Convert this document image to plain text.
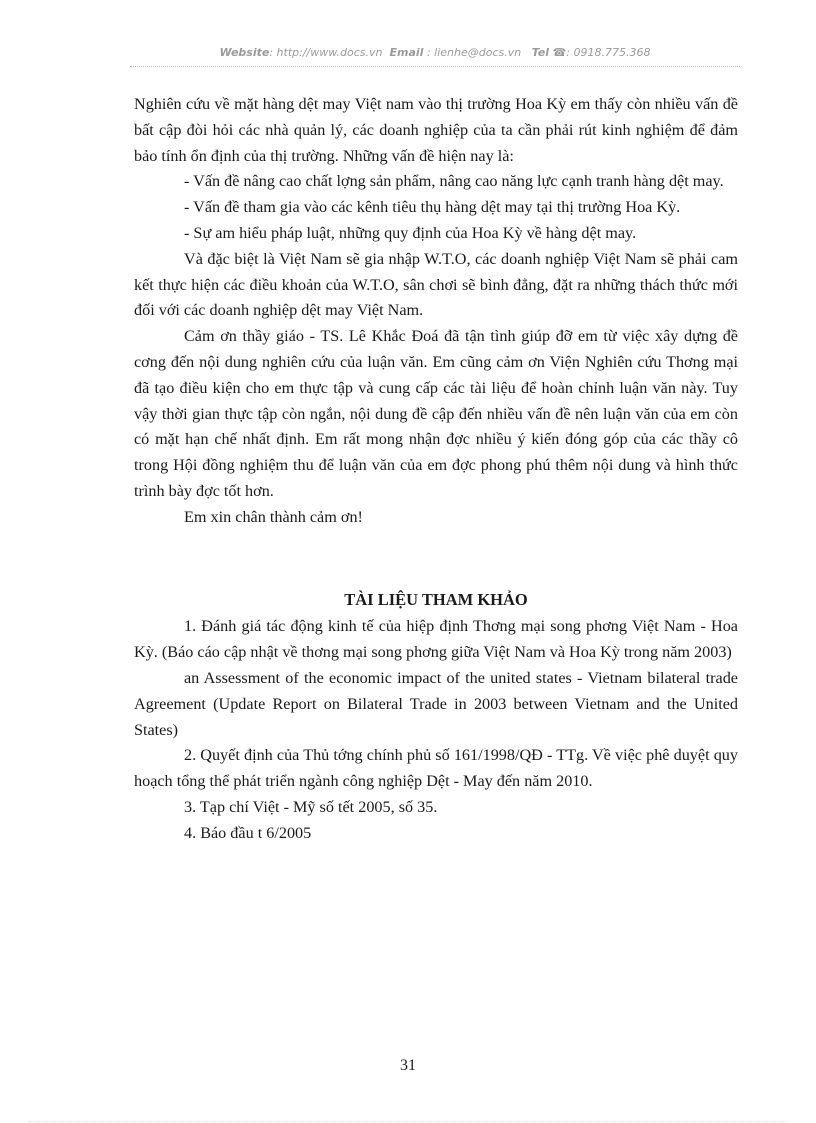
Website: http://www.docs.vn Email : lienhe@docs.vn Tel ☎: 0918.775.368

Nghiên cứu về mặt hàng dệt may Việt nam vào thị trường Hoa Kỳ em thấy còn nhiều vấn đề bất cập đòi hỏi các nhà quản lý, các doanh nghiệp của ta cần phải rút kinh nghiệm để đảm bảo tính ổn định của thị trường. Những vấn đề hiện nay là:

- Vấn đề nâng cao chất lợng sản phẩm, nâng cao năng lực cạnh tranh hàng dệt may.

- Vấn đề tham gia vào các kênh tiêu thụ hàng dệt may tại thị trường Hoa Kỳ.

- Sự am hiểu pháp luật, những quy định của Hoa Kỳ về hàng dệt may.

Và đặc biệt là Việt Nam sẽ gia nhập W.T.O, các doanh nghiệp Việt Nam sẽ phải cam kết thực hiện các điều khoản của W.T.O, sân chơi sẽ bình đẳng, đặt ra những thách thức mới đối với các doanh nghiệp dệt may Việt Nam.

Cảm ơn thầy giáo - TS. Lê Khắc Đoá đã tận tình giúp đỡ em từ việc xây dựng đề cơng đến nội dung nghiên cứu của luận văn. Em cũng cảm ơn Viện Nghiên cứu Thơng mại đã tạo điều kiện cho em thực tập và cung cấp các tài liệu để hoàn chỉnh luận văn này. Tuy vậy thời gian thực tập còn ngắn, nội dung đề cập đến nhiều vấn đề nên luận văn của em còn có mặt hạn chế nhất định. Em rất mong nhận đợc nhiều ý kiến đóng góp của các thầy cô trong Hội đồng nghiệm thu để luận văn của em đợc phong phú thêm nội dung và hình thức trình bày đợc tốt hơn.

Em xin chân thành cảm ơn!

TÀI LIỆU THAM KHẢO

1. Đánh giá tác động kinh tế của hiệp định Thơng mại song phơng Việt Nam - Hoa Kỳ. (Báo cáo cập nhật về thơng mại song phơng giữa Việt Nam và Hoa Kỳ trong năm 2003)

an Assessment of the economic impact of the united states - Vietnam bilateral trade Agreement (Update Report on Bilateral Trade in 2003 between Vietnam and the United States)

2. Quyết định của Thủ tớng chính phủ số 161/1998/QĐ - TTg. Về việc phê duyệt quy hoạch tổng thể phát triển ngành công nghiệp Dệt - May đến năm 2010.

3. Tạp chí Việt - Mỹ số tết 2005, số 35.

4. Báo đầu t 6/2005

31
